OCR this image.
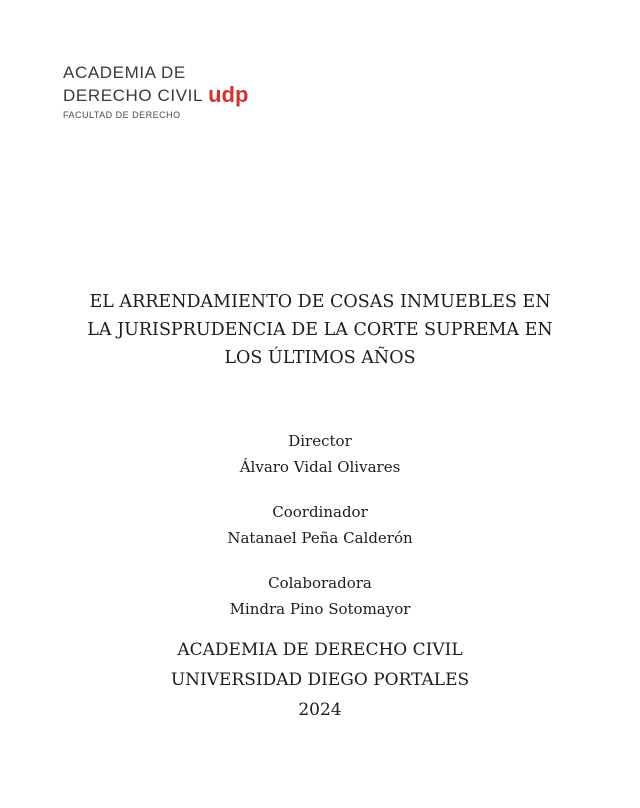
ACADEMIA DE
DERECHO CIVIL udp
FACULTAD DE DERECHO
EL ARRENDAMIENTO DE COSAS INMUEBLES EN
LA JURISPRUDENCIA DE LA CORTE SUPREMA EN
LOS ÚLTIMOS AÑOS
Director
Álvaro Vidal Olivares
Coordinador
Natanael Peña Calderón
Colaboradora
Mindra Pino Sotomayor
ACADEMIA DE DERECHO CIVIL
UNIVERSIDAD DIEGO PORTALES
2024
